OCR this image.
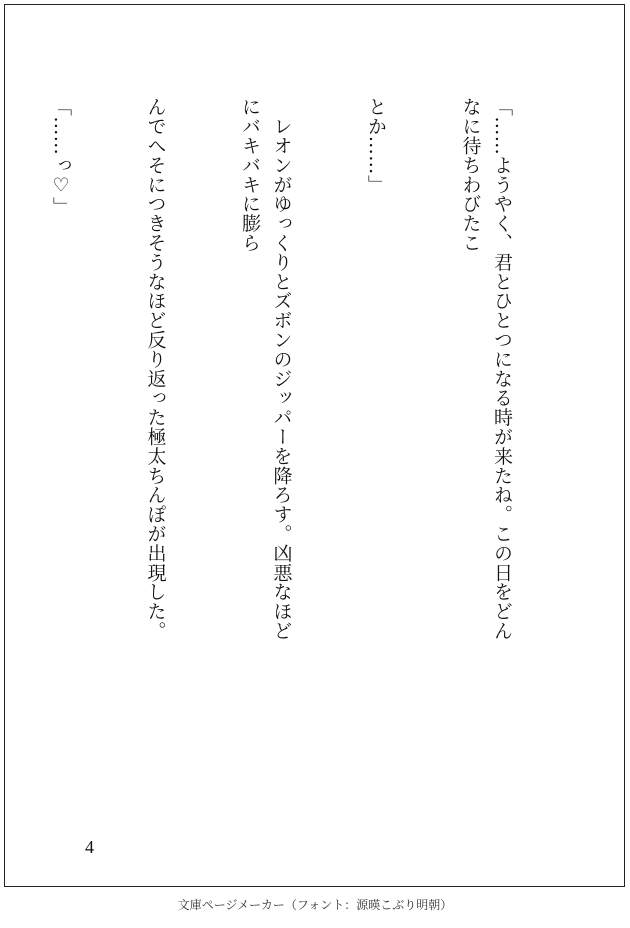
「……ようやく、君とひとつになる時が来たね。この日をどんなに待ちわびたこ

とか……」

　レオンがゆっくりとズボンのジッパーを降ろす。凶悪なほどにバキバキに膨ら

んでへそにつきそうなほど反り返った極太ちんぽが出現した。

「……っ♡」

4
文庫ページメーカー（フォント：源暎こぶり明朝）
